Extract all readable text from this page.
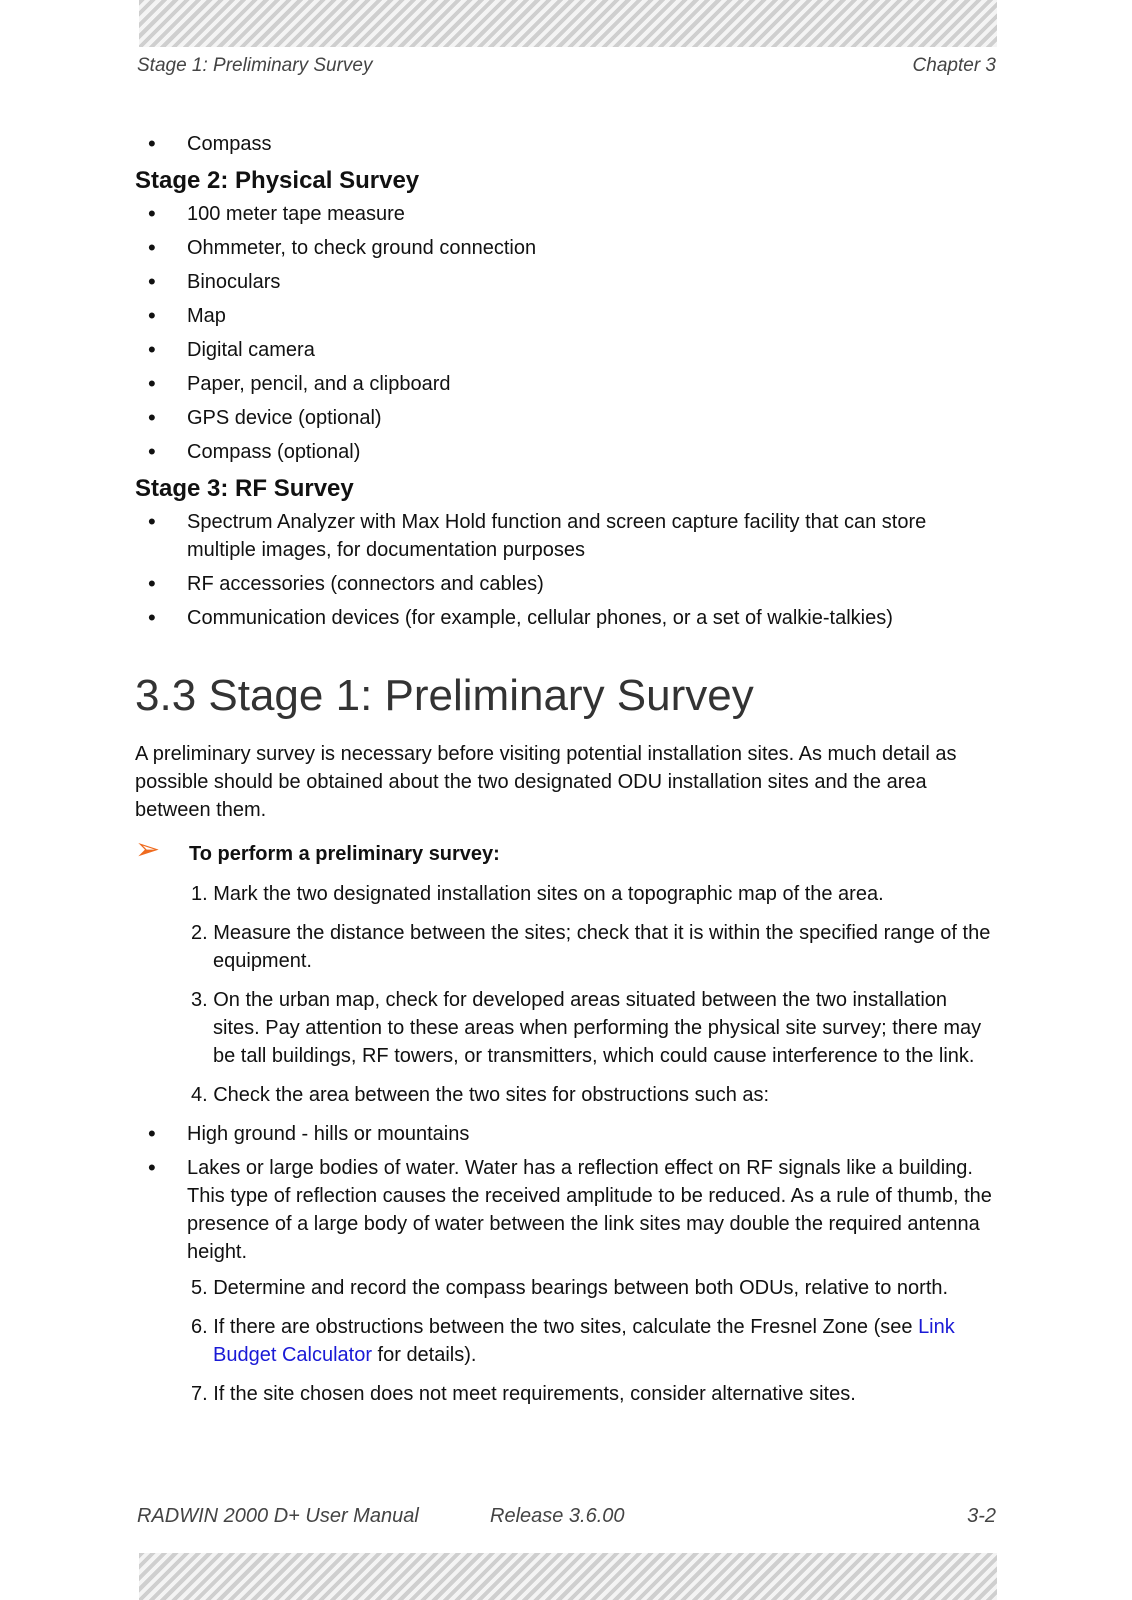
Stage 1: Preliminary Survey	Chapter 3
• Compass
Stage 2: Physical Survey
• 100 meter tape measure
• Ohmmeter, to check ground connection
• Binoculars
• Map
• Digital camera
• Paper, pencil, and a clipboard
• GPS device (optional)
• Compass (optional)
Stage 3: RF Survey
• Spectrum Analyzer with Max Hold function and screen capture facility that can store multiple images, for documentation purposes
• RF accessories (connectors and cables)
• Communication devices (for example, cellular phones, or a set of walkie-talkies)
3.3 Stage 1: Preliminary Survey

A preliminary survey is necessary before visiting potential installation sites. As much detail as possible should be obtained about the two designated ODU installation sites and the area between them.

➢ To perform a preliminary survey:
1. Mark the two designated installation sites on a topographic map of the area.
2. Measure the distance between the sites; check that it is within the specified range of the equipment.
3. On the urban map, check for developed areas situated between the two installation sites. Pay attention to these areas when performing the physical site survey; there may be tall buildings, RF towers, or transmitters, which could cause interference to the link.
4. Check the area between the two sites for obstructions such as:
• High ground - hills or mountains
• Lakes or large bodies of water. Water has a reflection effect on RF signals like a building. This type of reflection causes the received amplitude to be reduced. As a rule of thumb, the presence of a large body of water between the link sites may double the required antenna height.
5. Determine and record the compass bearings between both ODUs, relative to north.
6. If there are obstructions between the two sites, calculate the Fresnel Zone (see Link Budget Calculator for details).
7. If the site chosen does not meet requirements, consider alternative sites.
RADWIN 2000 D+ User Manual	Release 3.6.00	3-2
